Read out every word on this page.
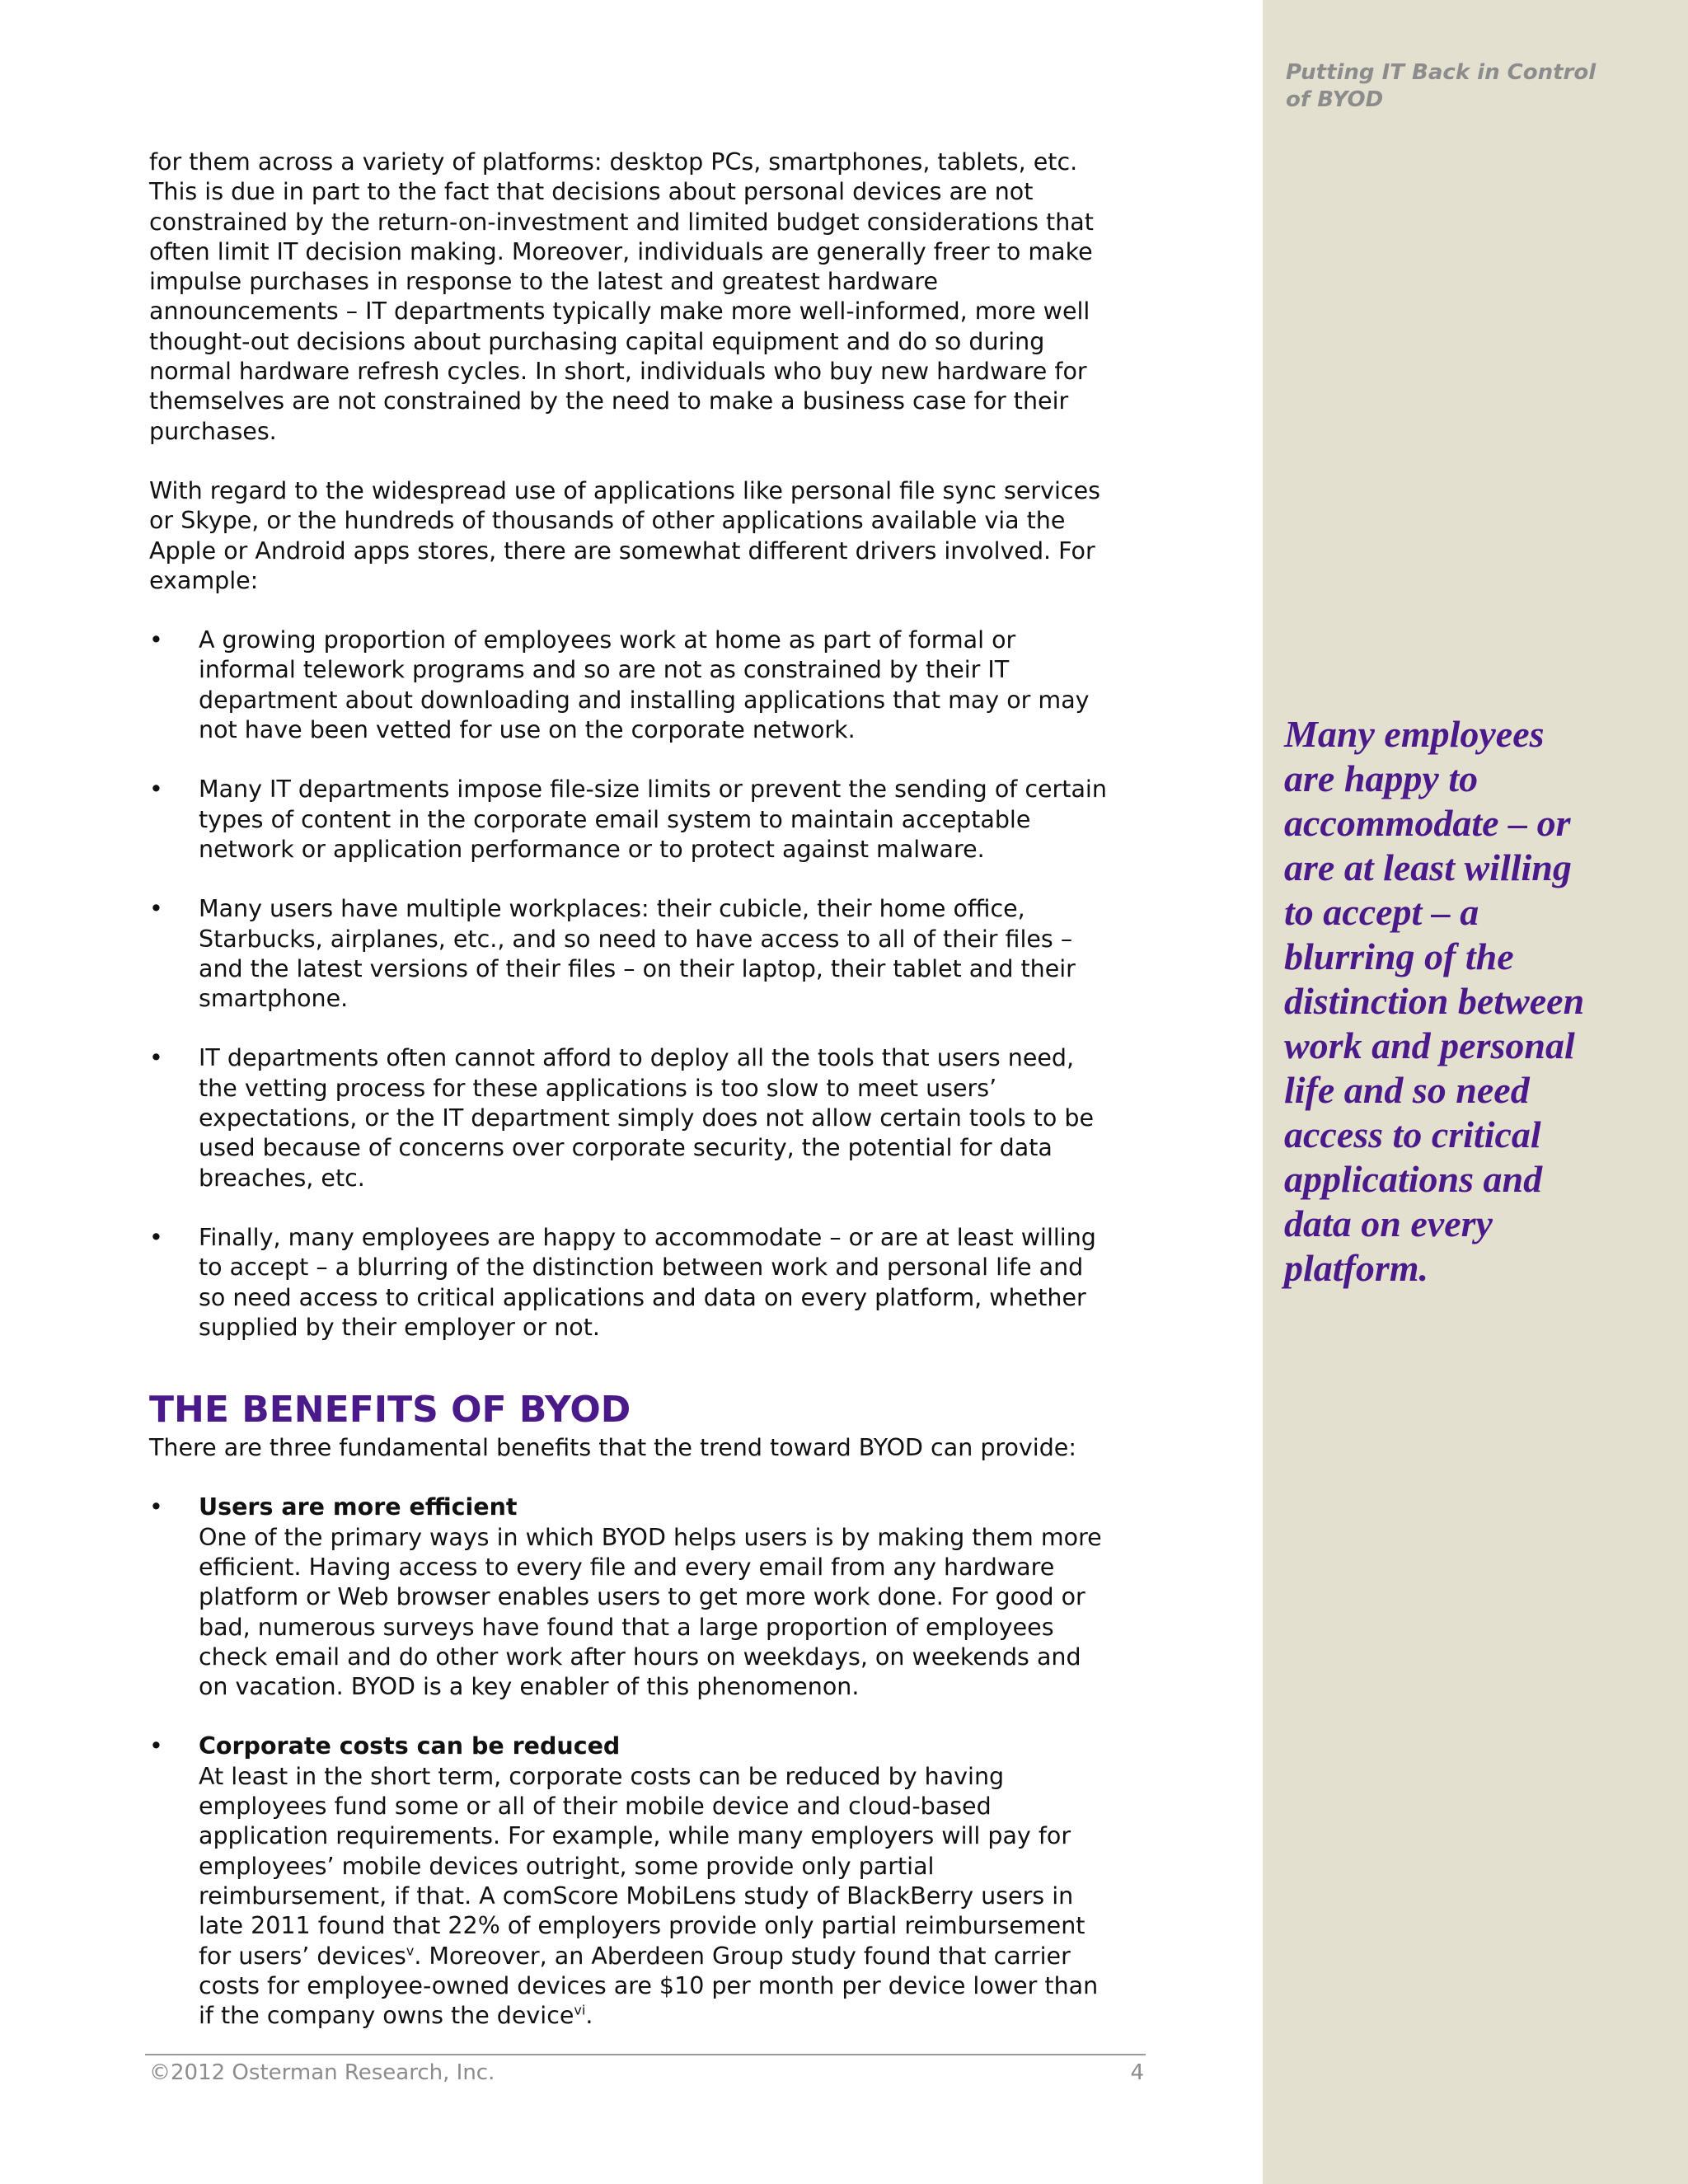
Putting IT Back in Control of BYOD
Many employees are happy to accommodate – or are at least willing to accept – a blurring of the distinction between work and personal life and so need access to critical applications and data on every platform.

for them across a variety of platforms: desktop PCs, smartphones, tablets, etc. This is due in part to the fact that decisions about personal devices are not constrained by the return-on-investment and limited budget considerations that often limit IT decision making. Moreover, individuals are generally freer to make impulse purchases in response to the latest and greatest hardware announcements – IT departments typically make more well-informed, more well thought-out decisions about purchasing capital equipment and do so during normal hardware refresh cycles. In short, individuals who buy new hardware for themselves are not constrained by the need to make a business case for their purchases.

With regard to the widespread use of applications like personal file sync services or Skype, or the hundreds of thousands of other applications available via the Apple or Android apps stores, there are somewhat different drivers involved. For example:

• A growing proportion of employees work at home as part of formal or informal telework programs and so are not as constrained by their IT department about downloading and installing applications that may or may not have been vetted for use on the corporate network.
• Many IT departments impose file-size limits or prevent the sending of certain types of content in the corporate email system to maintain acceptable network or application performance or to protect against malware.
• Many users have multiple workplaces: their cubicle, their home office, Starbucks, airplanes, etc., and so need to have access to all of their files – and the latest versions of their files – on their laptop, their tablet and their smartphone.
• IT departments often cannot afford to deploy all the tools that users need, the vetting process for these applications is too slow to meet users’ expectations, or the IT department simply does not allow certain tools to be used because of concerns over corporate security, the potential for data breaches, etc.
• Finally, many employees are happy to accommodate – or are at least willing to accept – a blurring of the distinction between work and personal life and so need access to critical applications and data on every platform, whether supplied by their employer or not.
THE BENEFITS OF BYOD

There are three fundamental benefits that the trend toward BYOD can provide:

• Users are more efficient
One of the primary ways in which BYOD helps users is by making them more efficient. Having access to every file and every email from any hardware platform or Web browser enables users to get more work done. For good or bad, numerous surveys have found that a large proportion of employees check email and do other work after hours on weekdays, on weekends and on vacation. BYOD is a key enabler of this phenomenon.
• Corporate costs can be reduced
At least in the short term, corporate costs can be reduced by having employees fund some or all of their mobile device and cloud-based application requirements. For example, while many employers will pay for employees’ mobile devices outright, some provide only partial reimbursement, if that. A comScore MobiLens study of BlackBerry users in late 2011 found that 22% of employers provide only partial reimbursement for users’ devices$^v$. Moreover, an Aberdeen Group study found that carrier costs for employee-owned devices are $10 per month per device lower than if the company owns the device$^{vi}$.
©2012 Osterman Research, Inc.	4
